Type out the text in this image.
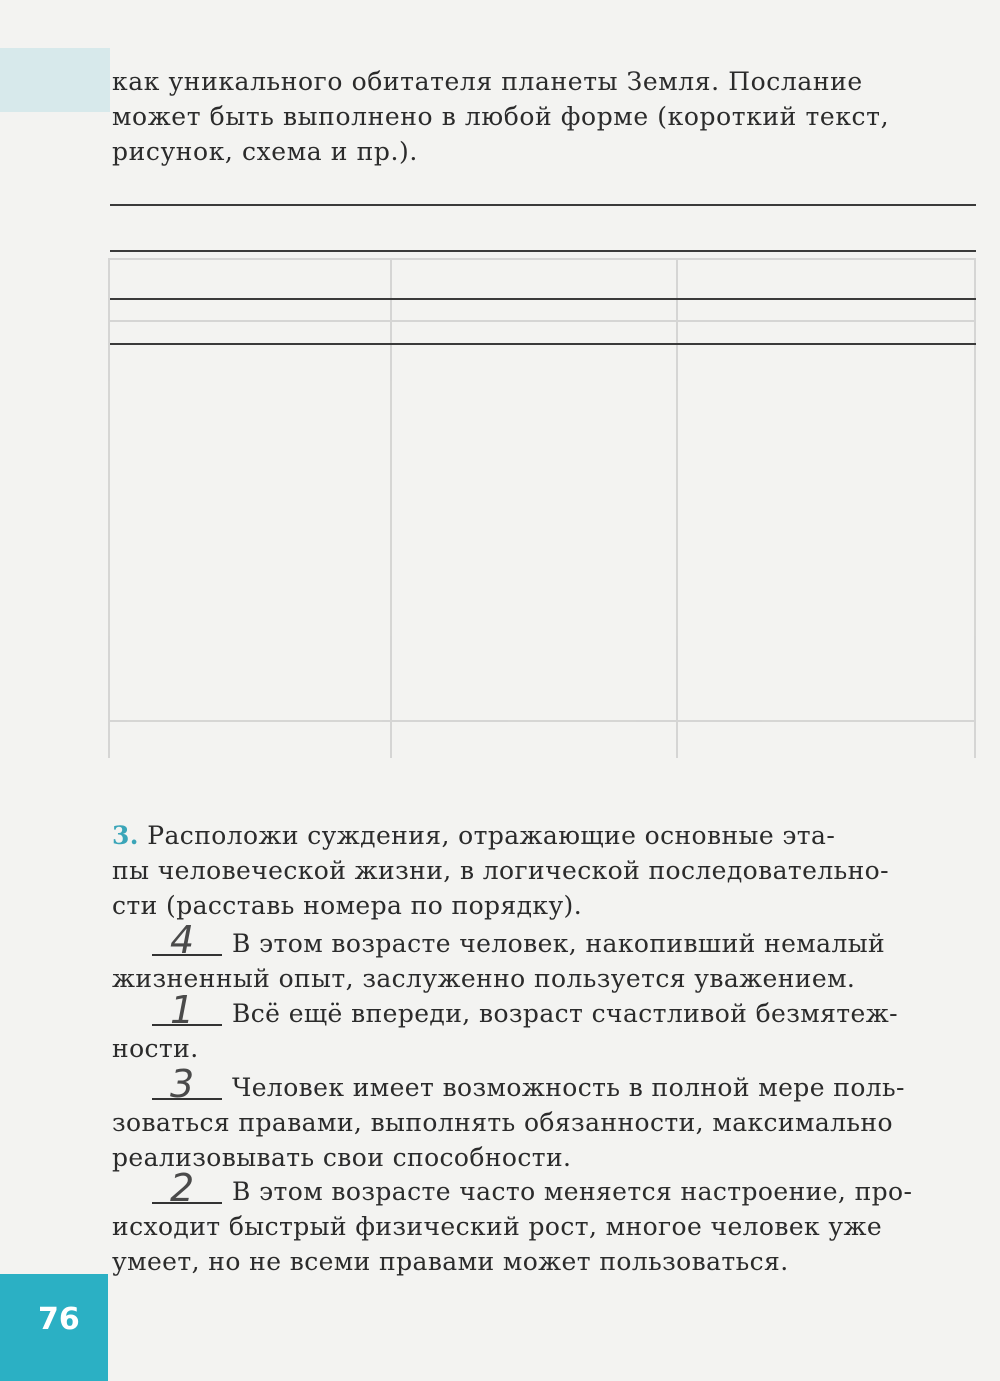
как уникального обитателя планеты Земля. Послание
может быть выполнено в любой форме (короткий текст,
рисунок, схема и пр.).
3. Расположи суждения, отражающие основные эта-
пы человеческой жизни, в логической последовательно-
сти (расставь номера по порядку).
4 В этом возрасте человек, накопивший немалый
жизненный опыт, заслуженно пользуется уважением.
1 Всё ещё впереди, возраст счастливой безмятеж-
ности.
3 Человек имеет возможность в полной мере поль-
зоваться правами, выполнять обязанности, максимально
реализовывать свои способности.
2 В этом возрасте часто меняется настроение, про-
исходит быстрый физический рост, многое человек уже
умеет, но не всеми правами может пользоваться.
76
